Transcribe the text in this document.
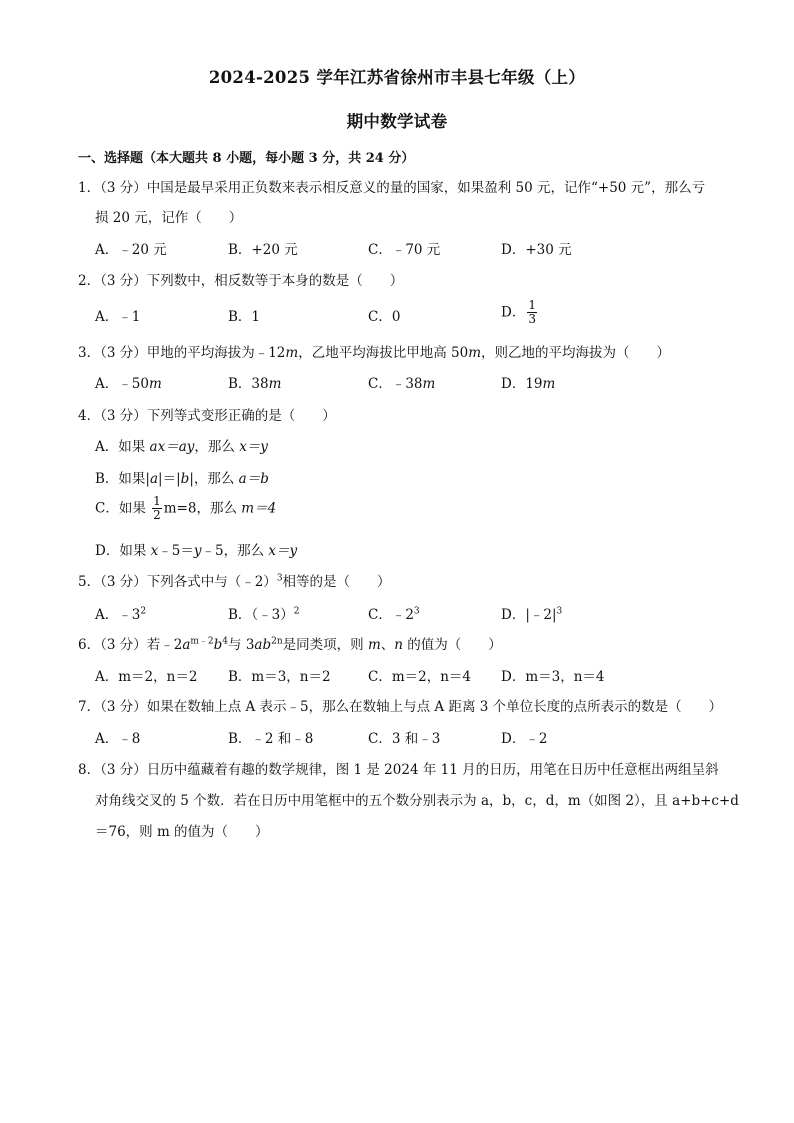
2024-2025 学年江苏省徐州市丰县七年级（上）
期中数学试卷
一、选择题（本大题共 8 小题，每小题 3 分，共 24 分）
1．（3 分）中国是最早采用正负数来表示相反意义的量的国家，如果盈利 50 元，记作“+50 元”，那么亏
损 20 元，记作（　　）
A．﹣20 元	B．+20 元	C．﹣70 元	D．+30 元
2．（3 分）下列数中，相反数等于本身的数是（　　）
A．﹣1	B．1	C．0	D． $\frac{1}{3}$
3．（3 分）甲地的平均海拔为﹣12m，乙地平均海拔比甲地高 50m，则乙地的平均海拔为（　　）
A．﹣50m	B．38m	C．﹣38m	D．19m
4．（3 分）下列等式变形正确的是（　　）
A．如果 ax＝ay，那么 x＝y
B．如果|a|＝|b|，那么 a＝b
C．如果 $\frac{1}{2} m=8$，那么 m＝4
D．如果 x﹣5＝y﹣5，那么 x＝y
5．（3 分）下列各式中与（﹣2）$^3$相等的是（　　）
A．$﹣3^2$	B．（﹣3）$^2$	C．$﹣2^3$	D．$|﹣2|^3$
6．（3 分）若$﹣2a^{m﹣2}b^4$与 $3ab^{2n}$是同类项，则 m、n 的值为（　　）
A．m＝2，n＝2 B．m＝3，n＝2	C．m＝2，n＝4 D．m＝3，n＝4
7．（3 分）如果在数轴上点 A 表示﹣5，那么在数轴上与点 A 距离 3 个单位长度的点所表示的数是（　　）
A．﹣8	B．﹣2 和﹣8	C．3 和﹣3	D．﹣2
8．（3 分）日历中蕴藏着有趣的数学规律，图 1 是 2024 年 11 月的日历，用笔在日历中任意框出两组呈斜
对角线交叉的 5 个数．若在日历中用笔框中的五个数分别表示为 a，b，c，d，m（如图 2），且 a+b+c+d
＝76，则 m 的值为（　　）
